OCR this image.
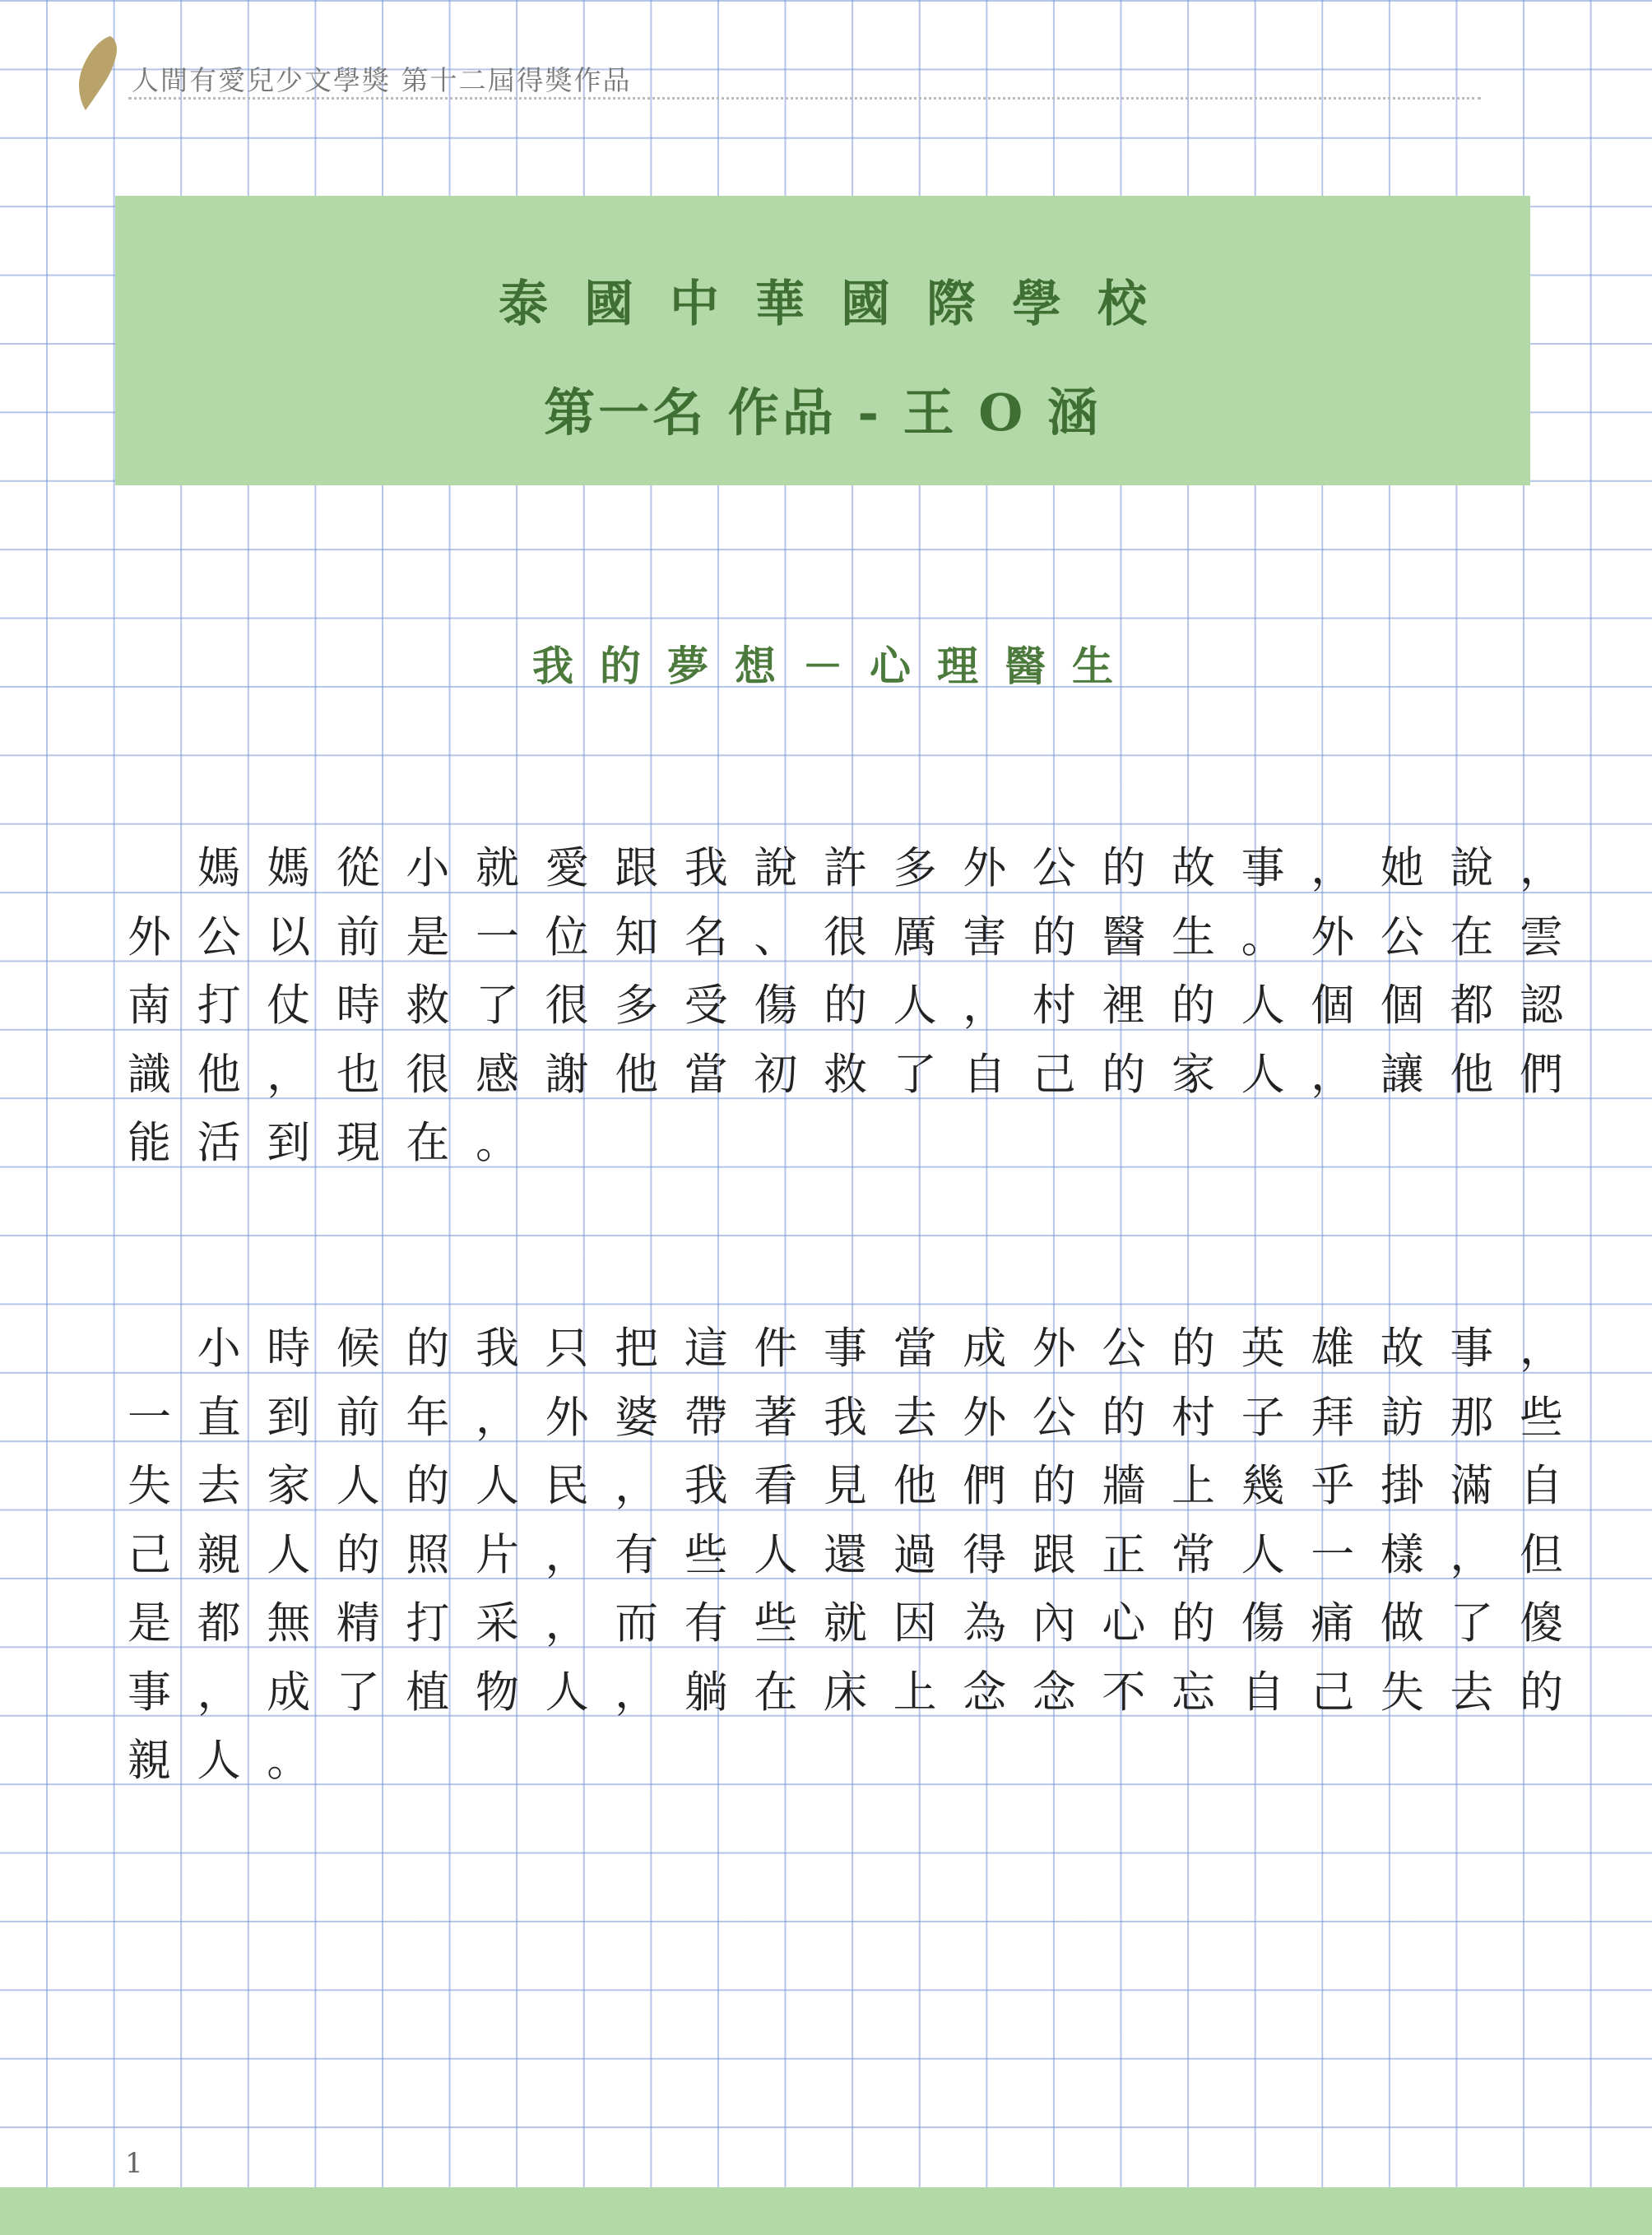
人間有愛兒少文學獎 第十二屆得獎作品
泰國中華國際學校
第一名 作品 - 王 O 涵
我的夢想－心理醫生
　媽媽從小就愛跟我說許多外公的故事，她說，
外公以前是一位知名、很厲害的醫生。外公在雲
南打仗時救了很多受傷的人，村裡的人個個都認
識他，也很感謝他當初救了自己的家人，讓他們
能活到現在。
　小時候的我只把這件事當成外公的英雄故事，
一直到前年，外婆帶著我去外公的村子拜訪那些
失去家人的人民，我看見他們的牆上幾乎掛滿自
己親人的照片，有些人還過得跟正常人一樣，但
是都無精打采，而有些就因為內心的傷痛做了傻
事，成了植物人，躺在床上念念不忘自己失去的
親人。
1
